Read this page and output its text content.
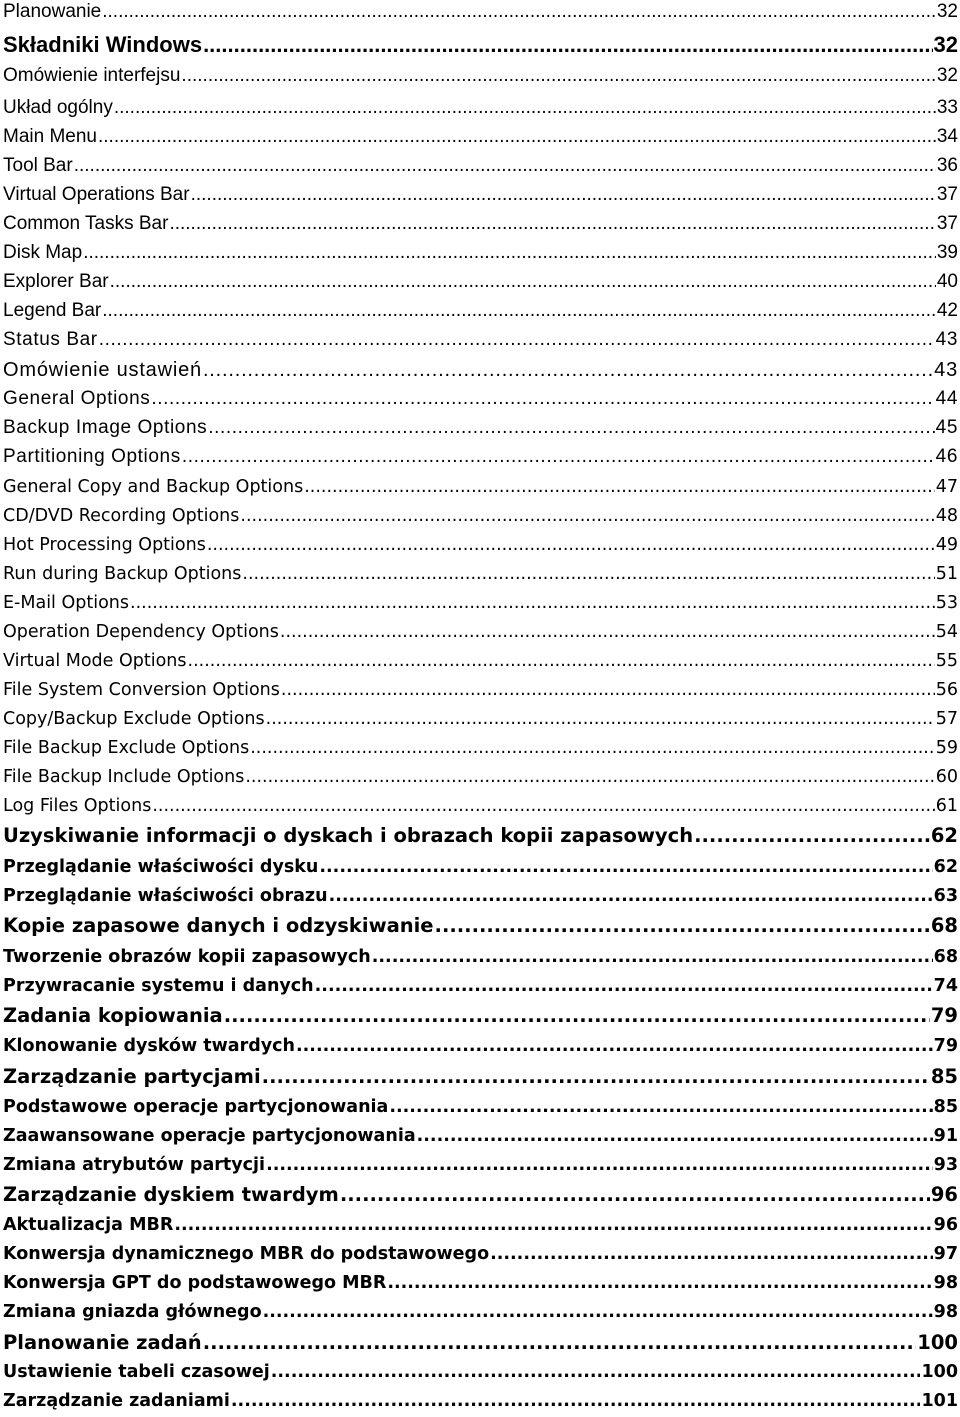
Planowanie .....	32
Składniki Windows .....	32
Omówienie interfejsu .....	32
Układ ogólny .....	33
Main Menu .....	34
Tool Bar .....	36
Virtual Operations Bar .....	37
Common Tasks Bar .....	37
Disk Map .....	39
Explorer Bar .....	40
Legend Bar .....	42
Status Bar .....	43
Omówienie ustawień .....	43
General Options .....	44
Backup Image Options .....	45
Partitioning Options .....	46
General Copy and Backup Options .....	47
CD/DVD Recording Options .....	48
Hot Processing Options .....	49
Run during Backup Options .....	51
E-Mail Options .....	53
Operation Dependency Options .....	54
Virtual Mode Options .....	55
File System Conversion Options .....	56
Copy/Backup Exclude Options .....	57
File Backup Exclude Options .....	59
File Backup Include Options .....	60
Log Files Options .....	61
Uzyskiwanie informacji o dyskach i obrazach kopii zapasowych .....	62
Przeglądanie właściwości dysku .....	62
Przeglądanie właściwości obrazu .....	63
Kopie zapasowe danych i odzyskiwanie .....	68
Tworzenie obrazów kopii zapasowych .....	68
Przywracanie systemu i danych .....	74
Zadania kopiowania .....	79
Klonowanie dysków twardych .....	79
Zarządzanie partycjami .....	85
Podstawowe operacje partycjonowania .....	85
Zaawansowane operacje partycjonowania .....	91
Zmiana atrybutów partycji .....	93
Zarządzanie dyskiem twardym .....	96
Aktualizacja MBR .....	96
Konwersja dynamicznego MBR do podstawowego .....	97
Konwersja GPT do podstawowego MBR .....	98
Zmiana gniazda głównego .....	98
Planowanie zadań .....	100
Ustawienie tabeli czasowej .....	100
Zarządzanie zadaniami .....	101
